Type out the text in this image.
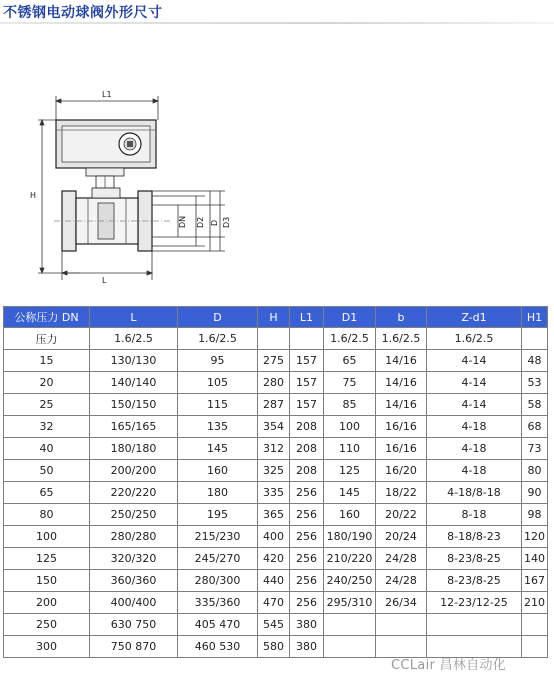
不锈钢电动球阀外形尺寸
L1
H
L
DN D2 D D3
公称压力 DN	L	D	H	L1	D1	b	Z-d1	H1
压力	1.6/2.5	1.6/2.5			1.6/2.5	1.6/2.5	1.6/2.5	
15	130/130	95	275	157	65	14/16	4-14	48
20	140/140	105	280	157	75	14/16	4-14	53
25	150/150	115	287	157	85	14/16	4-14	58
32	165/165	135	354	208	100	16/16	4-18	68
40	180/180	145	312	208	110	16/16	4-18	73
50	200/200	160	325	208	125	16/20	4-18	80
65	220/220	180	335	256	145	18/22	4-18/8-18	90
80	250/250	195	365	256	160	20/22	8-18	98
100	280/280	215/230	400	256	180/190	20/24	8-18/8-23	120
125	320/320	245/270	420	256	210/220	24/28	8-23/8-25	140
150	360/360	280/300	440	256	240/250	24/28	8-23/8-25	167
200	400/400	335/360	470	256	295/310	26/34	12-23/12-25	210
250	630 750	405 470	545	380				
300	750 870	460 530	580	380				
CCLair 昌林自动化
